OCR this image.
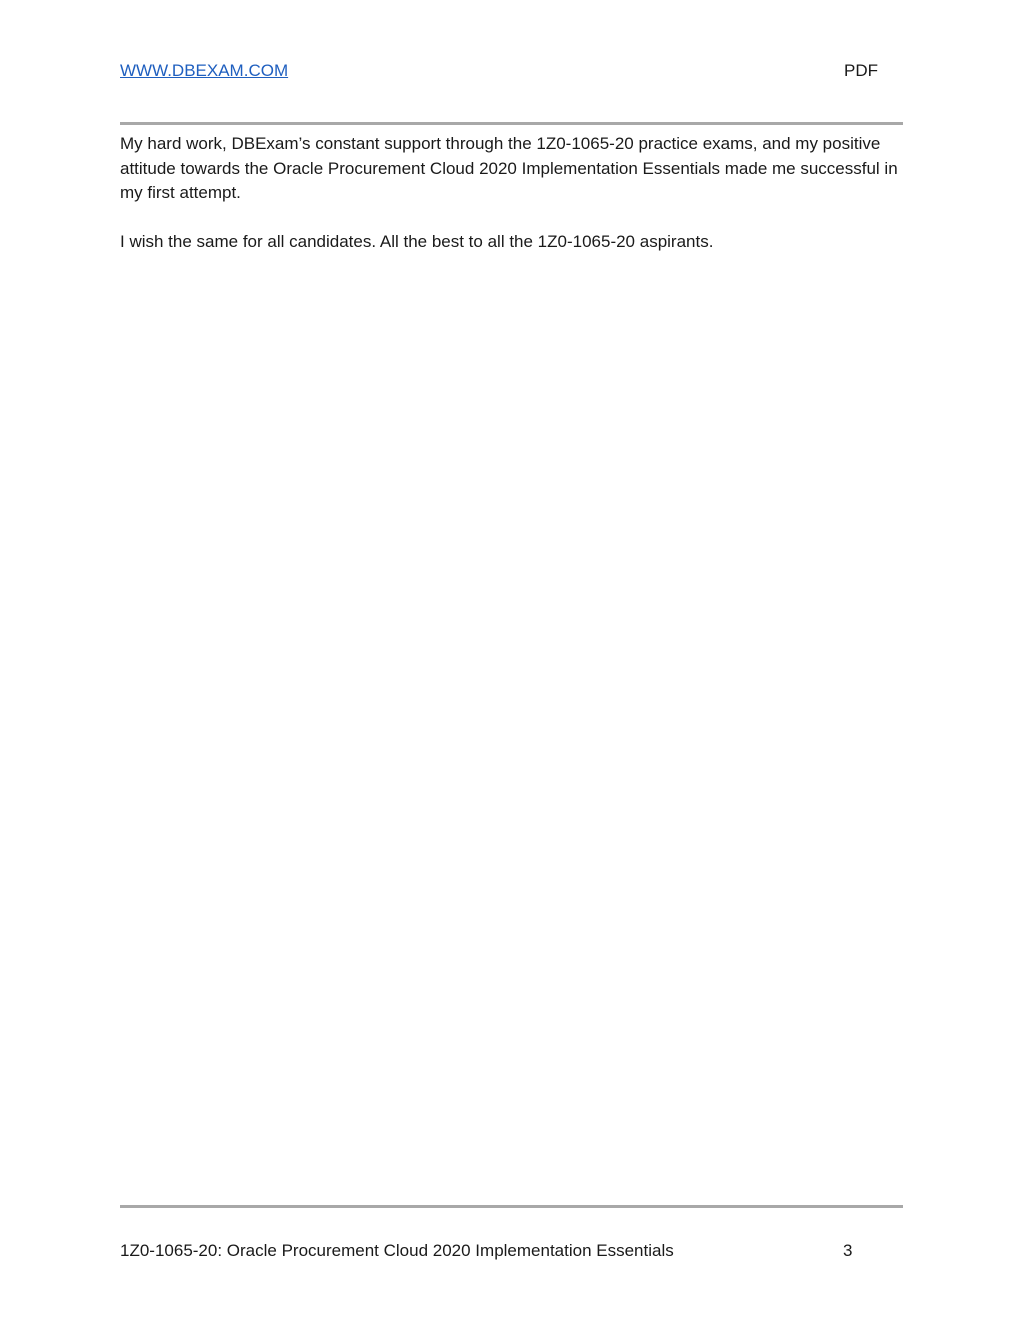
WWW.DBEXAM.COM	PDF

My hard work, DBExam’s constant support through the 1Z0-1065-20 practice exams, and my positive attitude towards the Oracle Procurement Cloud 2020 Implementation Essentials made me successful in my first attempt.

I wish the same for all candidates. All the best to all the 1Z0-1065-20 aspirants.

1Z0-1065-20: Oracle Procurement Cloud 2020 Implementation Essentials	3
